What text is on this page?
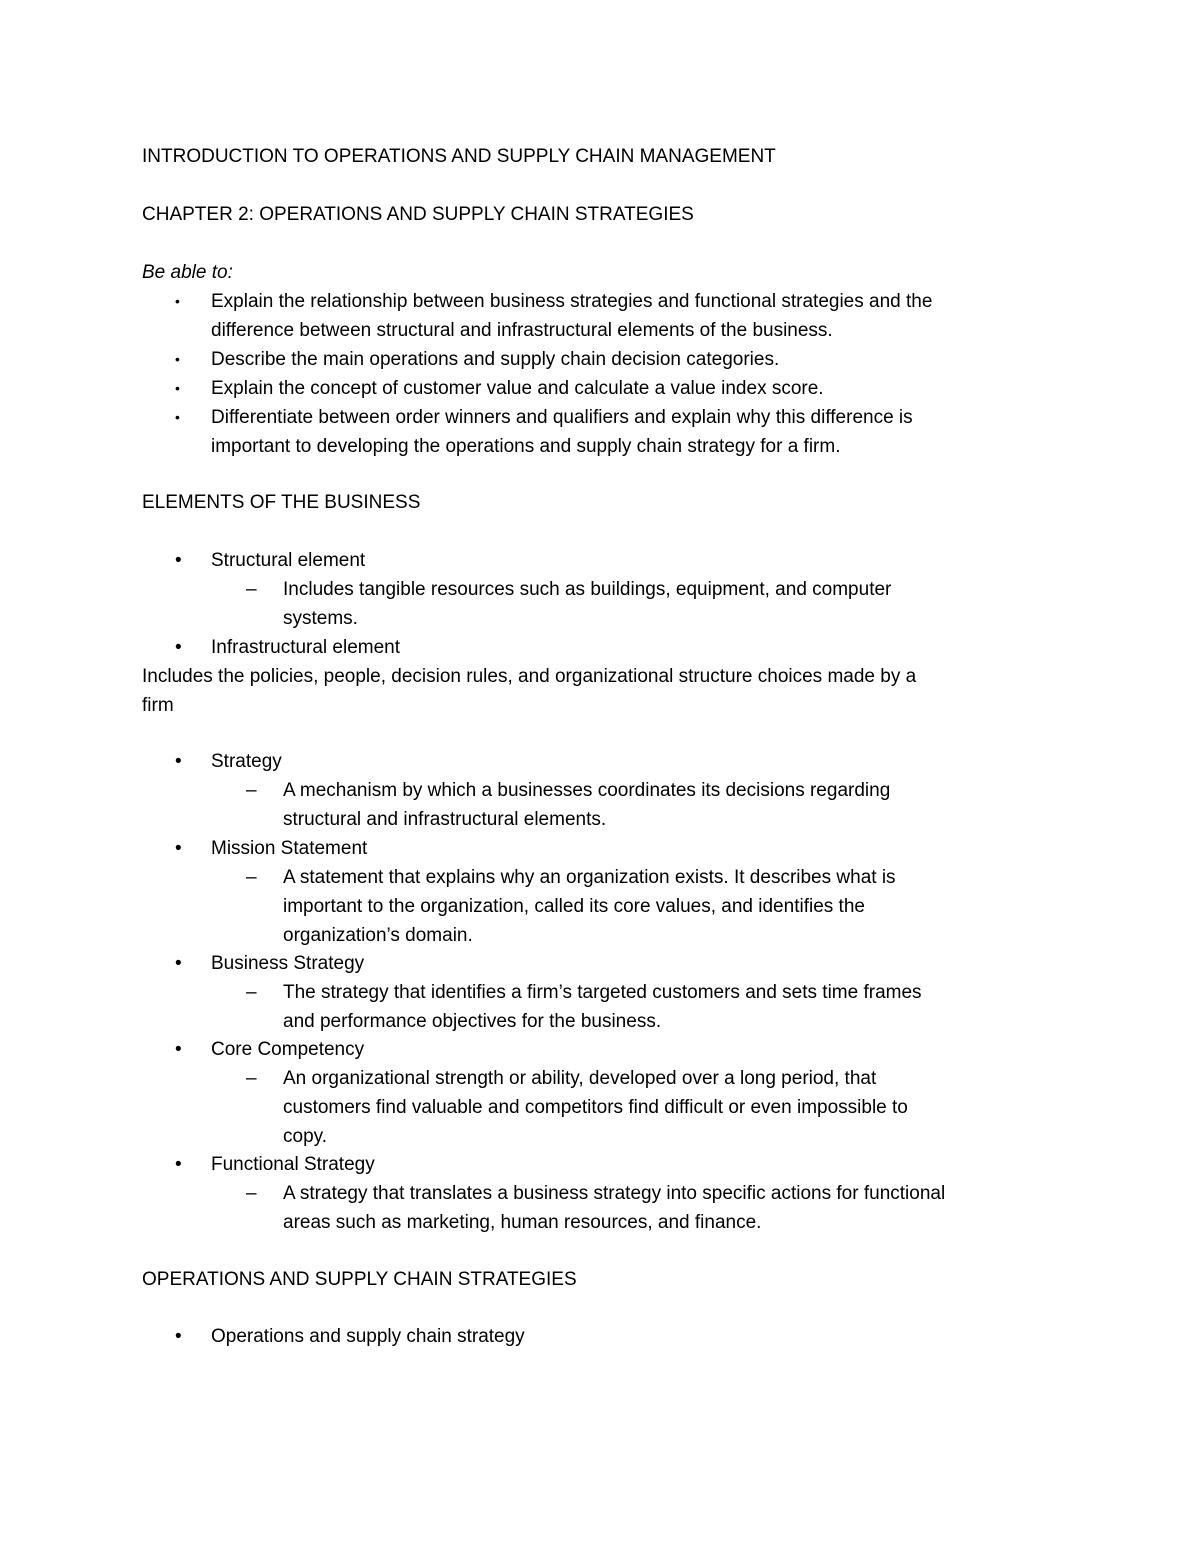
INTRODUCTION TO OPERATIONS AND SUPPLY CHAIN MANAGEMENT
CHAPTER 2: OPERATIONS AND SUPPLY CHAIN STRATEGIES
Be able to:
• Explain the relationship between business strategies and functional strategies and the
difference between structural and infrastructural elements of the business.
• Describe the main operations and supply chain decision categories.
• Explain the concept of customer value and calculate a value index score.
• Differentiate between order winners and qualifiers and explain why this difference is
important to developing the operations and supply chain strategy for a firm.
ELEMENTS OF THE BUSINESS
• Structural element
– Includes tangible resources such as buildings, equipment, and computer
systems.
• Infrastructural element
Includes the policies, people, decision rules, and organizational structure choices made by a
firm
• Strategy
– A mechanism by which a businesses coordinates its decisions regarding
structural and infrastructural elements.
• Mission Statement
– A statement that explains why an organization exists. It describes what is
important to the organization, called its core values, and identifies the
organization’s domain.
• Business Strategy
– The strategy that identifies a firm’s targeted customers and sets time frames
and performance objectives for the business.
• Core Competency
– An organizational strength or ability, developed over a long period, that
customers find valuable and competitors find difficult or even impossible to
copy.
• Functional Strategy
– A strategy that translates a business strategy into specific actions for functional
areas such as marketing, human resources, and finance.
OPERATIONS AND SUPPLY CHAIN STRATEGIES
• Operations and supply chain strategy
